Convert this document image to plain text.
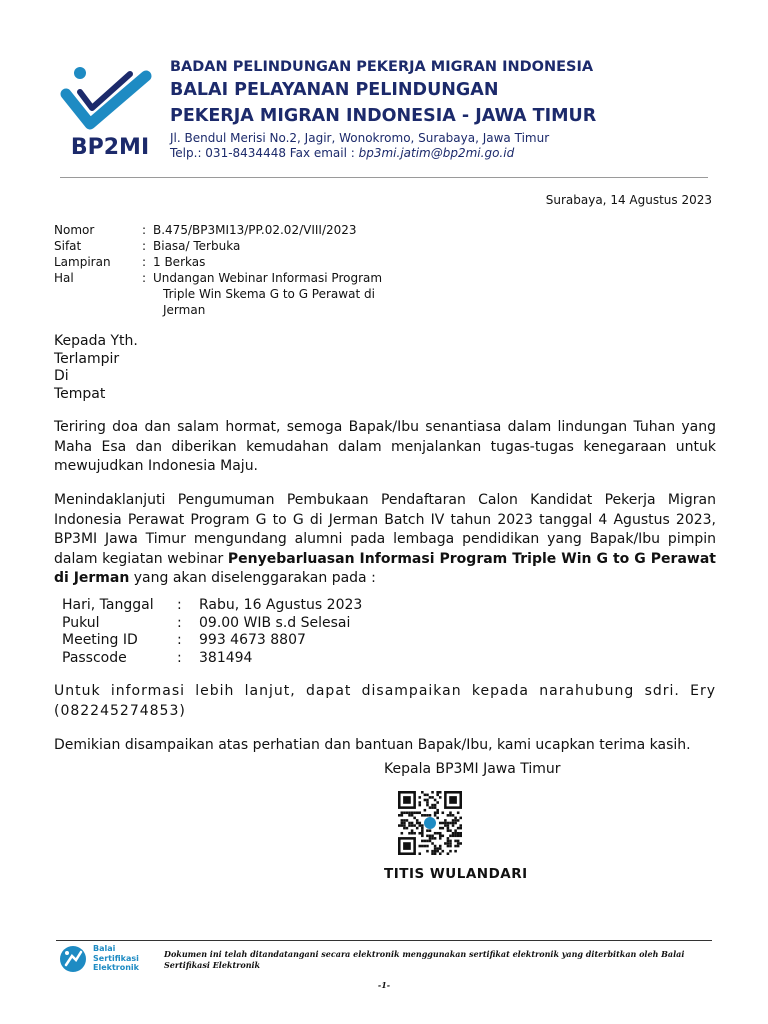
BP2MI
BADAN PELINDUNGAN PEKERJA MIGRAN INDONESIA
BALAI PELAYANAN PELINDUNGAN
PEKERJA MIGRAN INDONESIA - JAWA TIMUR
Jl. Bendul Merisi No.2, Jagir, Wonokromo, Surabaya, Jawa Timur
Telp.: 031-8434448 Fax email : bp3mi.jatim@bp2mi.go.id
Surabaya, 14 Agustus 2023
Nomor	: B.475/BP3MI13/PP.02.02/VIII/2023
Sifat	: Biasa/ Terbuka
Lampiran	: 1 Berkas
Hal	: Undangan Webinar Informasi Program
Triple Win Skema G to G Perawat di
Jerman
Kepada Yth.
Terlampir
Di
Tempat
Teriring doa dan salam hormat, semoga Bapak/Ibu senantiasa dalam lindungan Tuhan yang Maha Esa dan diberikan kemudahan dalam menjalankan tugas-tugas kenegaraan untuk mewujudkan Indonesia Maju.
Menindaklanjuti Pengumuman Pembukaan Pendaftaran Calon Kandidat Pekerja Migran Indonesia Perawat Program G to G di Jerman Batch IV tahun 2023 tanggal 4 Agustus 2023, BP3MI Jawa Timur mengundang alumni pada lembaga pendidikan yang Bapak/Ibu pimpin dalam kegiatan webinar Penyebarluasan Informasi Program Triple Win G to G Perawat di Jerman yang akan diselenggarakan pada :
Hari, Tanggal	:	Rabu, 16 Agustus 2023
Pukul	:	09.00 WIB s.d Selesai
Meeting ID	:	993 4673 8807
Passcode	:	381494
Untuk informasi lebih lanjut, dapat disampaikan kepada narahubung sdri. Ery (082245274853)
Demikian disampaikan atas perhatian dan bantuan Bapak/Ibu, kami ucapkan terima kasih.
Kepala BP3MI Jawa Timur
TITIS WULANDARI
Balai
Sertifikasi
Elektronik
Dokumen ini telah ditandatangani secara elektronik menggunakan sertifikat elektronik yang diterbitkan oleh Balai Sertifikasi Elektronik
-1-
